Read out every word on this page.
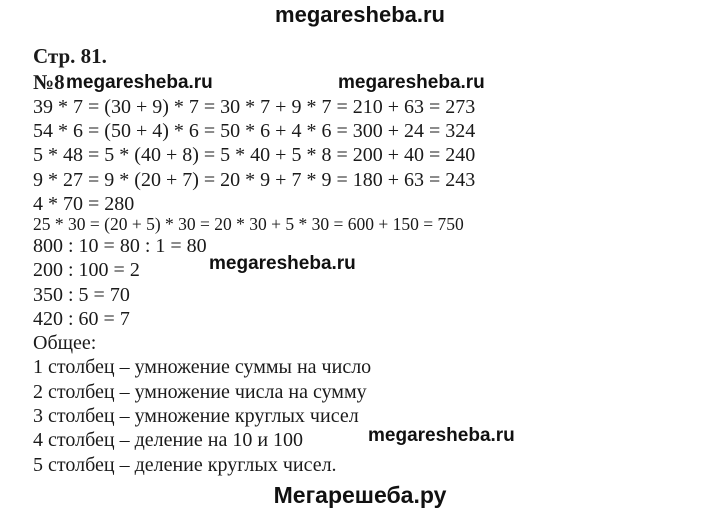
megaresheba.ru
Стр. 81.
№8
39 * 7 = (30 + 9) * 7 = 30 * 7 + 9 * 7 = 210 + 63 = 273
54 * 6 = (50 + 4) * 6 = 50 * 6 + 4 * 6 = 300 + 24 = 324
5 * 48 = 5 * (40 + 8) = 5 * 40 + 5 * 8 = 200 + 40 = 240
9 * 27 = 9 * (20 + 7) = 20 * 9 + 7 * 9 = 180 + 63 = 243
4 * 70 = 280
25 * 30 = (20 + 5) * 30 = 20 * 30 + 5 * 30 = 600 + 150 = 750
800 : 10 = 80 : 1 = 80
200 : 100 = 2
350 : 5 = 70
420 : 60 = 7
Общее:
1 столбец – умножение суммы на число
2 столбец – умножение числа на сумму
3 столбец – умножение круглых чисел
4 столбец – деление на 10 и 100
5 столбец – деление круглых чисел.
megaresheba.ru	megaresheba.ru
megaresheba.ru
megaresheba.ru
Мегарешеба.ру
